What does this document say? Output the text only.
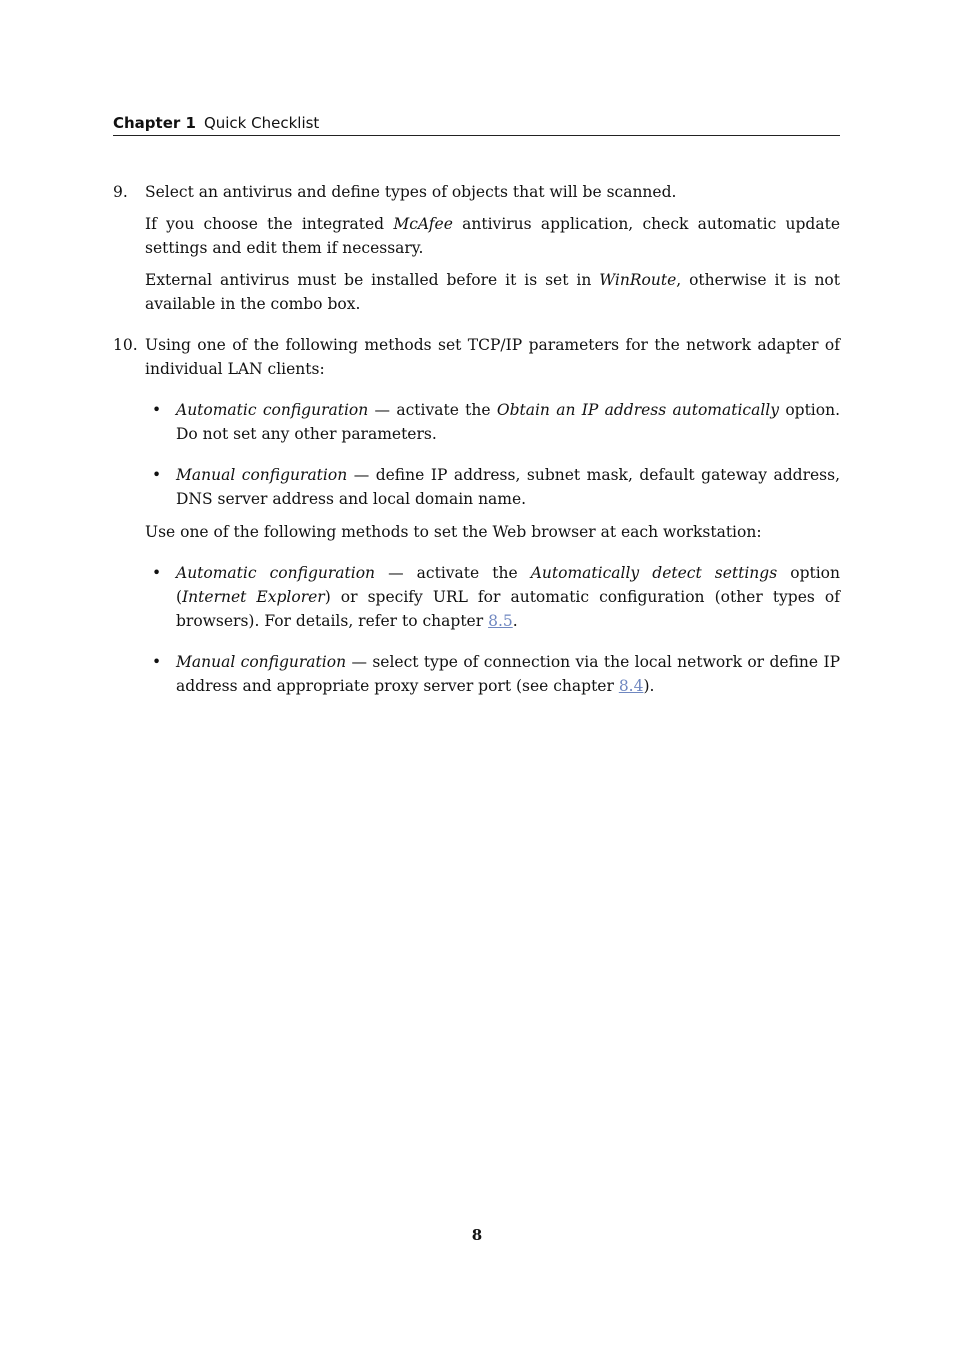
Chapter 1 Quick Checklist
9. Select an antivirus and define types of objects that will be scanned.

If you choose the integrated McAfee antivirus application, check automatic update settings and edit them if necessary.

External antivirus must be installed before it is set in WinRoute, otherwise it is not available in the combo box.

10. Using one of the following methods set TCP/IP parameters for the network adapter of individual LAN clients:

• Automatic configuration — activate the Obtain an IP address automatically option. Do not set any other parameters.
• Manual configuration — define IP address, subnet mask, default gateway address, DNS server address and local domain name.

Use one of the following methods to set the Web browser at each workstation:

• Automatic configuration — activate the Automatically detect settings option (Internet Explorer) or specify URL for automatic configuration (other types of browsers). For details, refer to chapter 8.5.
• Manual configuration — select type of connection via the local network or define IP address and appropriate proxy server port (see chapter 8.4).
8
